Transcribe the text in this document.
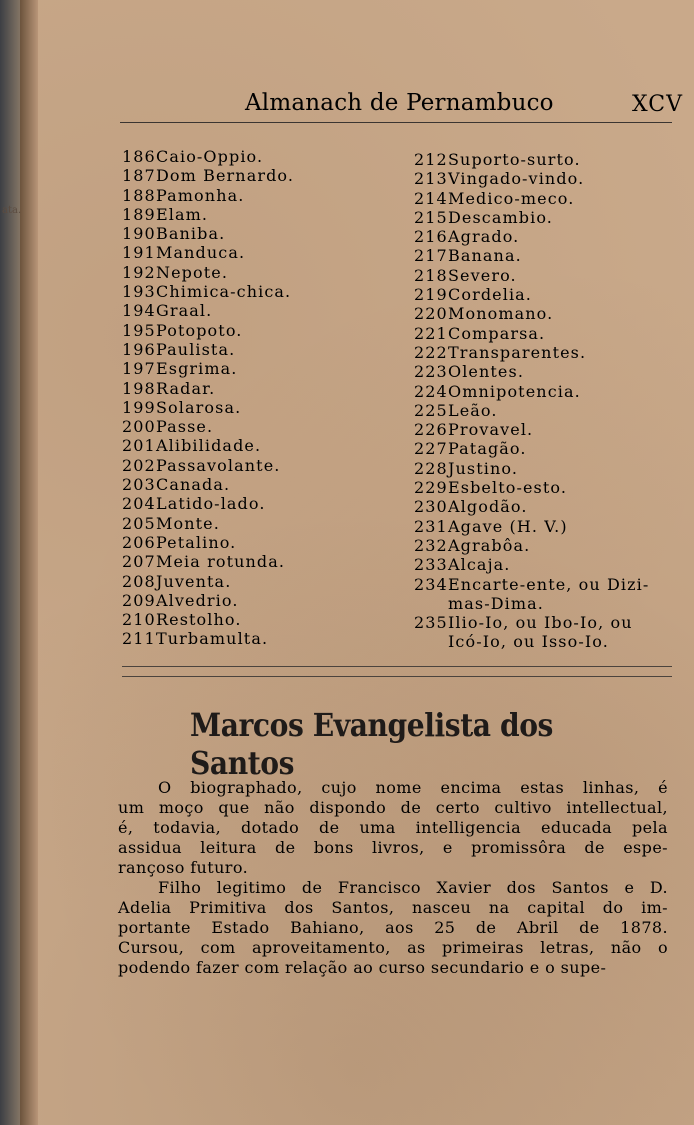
ata.
Almanach de Pernambuco	XCV
186Caio-Oppio.
187Dom Bernardo.
188Pamonha.
189Elam.
190Baniba.
191Manduca.
192Nepote.
193Chimica-chica.
194Graal.
195Potopoto.
196Paulista.
197Esgrima.
198Radar.
199Solarosa.
200Passe.
201Alibilidade.
202Passavolante.
203Canada.
204Latido-lado.
205Monte.
206Petalino.
207Meia rotunda.
208Juventa.
209Alvedrio.
210Restolho.
211Turbamulta.
212Suporto-surto.
213Vingado-vindo.
214Medico-meco.
215Descambio.
216Agrado.
217Banana.
218Severo.
219Cordelia.
220Monomano.
221Comparsa.
222Transparentes.
223Olentes.
224Omnipotencia.
225Leão.
226Provavel.
227Patagão.
228Justino.
229Esbelto-esto.
230Algodão.
231Agave (H. V.)
232Agrabôa.
233Alcaja.
234Encarte-ente, ou Dizi-
mas-Dima.
235Ilio-Io, ou Ibo-Io, ou
Icó-Io, ou Isso-Io.
Marcos Evangelista dos Santos
O biographado, cujo nome encima estas linhas, é
um moço que não dispondo de certo cultivo intellectual,
é, todavia, dotado de uma intelligencia educada pela
assidua leitura de bons livros, e promissôra de espe-
rançoso futuro.
Filho legitimo de Francisco Xavier dos Santos e D.
Adelia Primitiva dos Santos, nasceu na capital do im-
portante Estado Bahiano, aos 25 de Abril de 1878.
Cursou, com aproveitamento, as primeiras letras, não o
podendo fazer com relação ao curso secundario e o supe-
